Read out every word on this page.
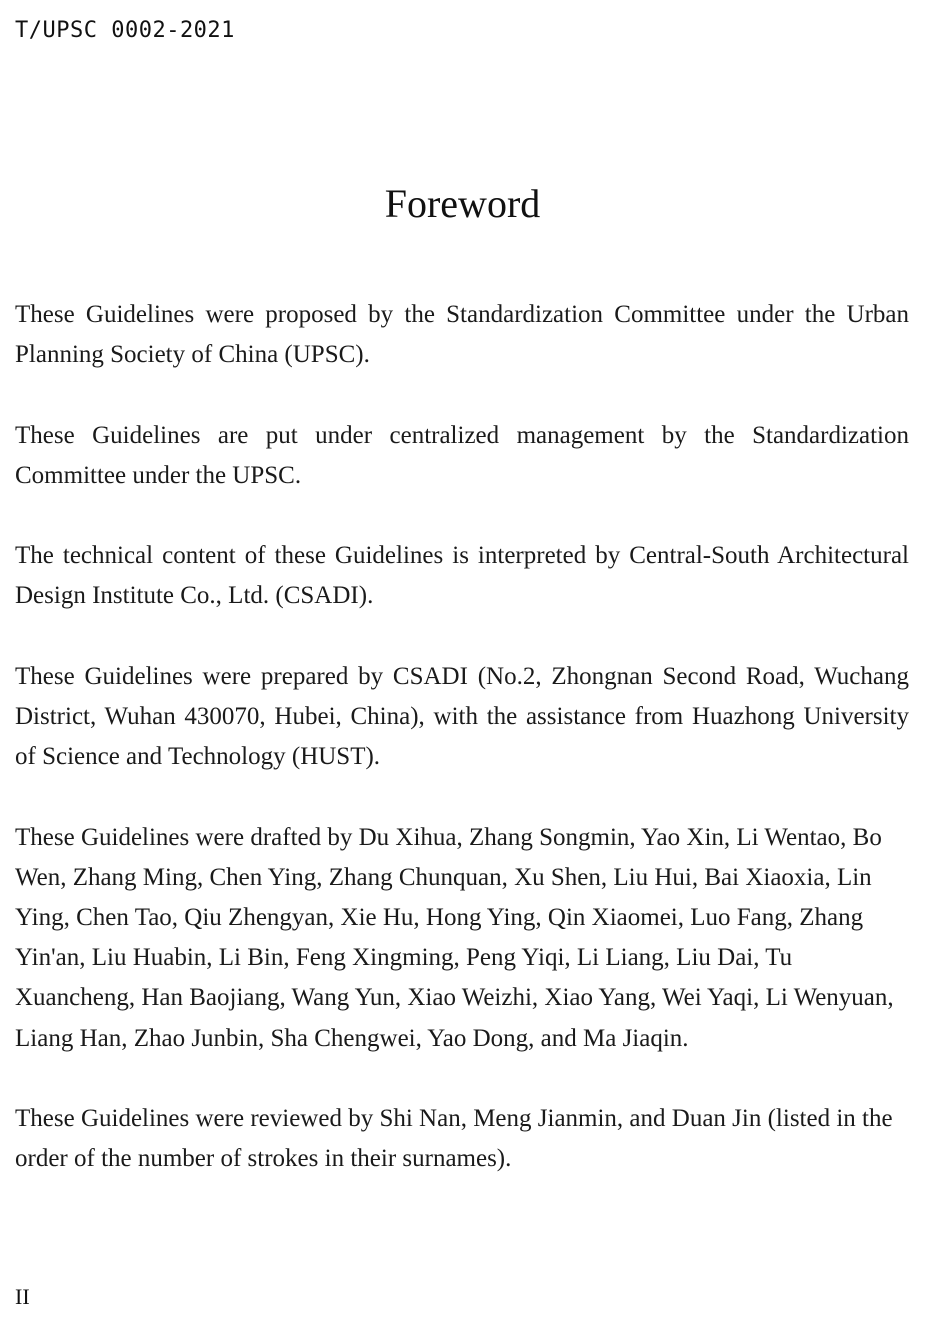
T/UPSC 0002-2021
Foreword

These Guidelines were proposed by the Standardization Committee under the Urban Planning Society of China (UPSC).

These Guidelines are put under centralized management by the Standardization Committee under the UPSC.

The technical content of these Guidelines is interpreted by Central-South Architectural Design Institute Co., Ltd. (CSADI).

These Guidelines were prepared by CSADI (No.2, Zhongnan Second Road, Wuchang District, Wuhan 430070, Hubei, China), with the assistance from Huazhong University of Science and Technology (HUST).

These Guidelines were drafted by Du Xihua, Zhang Songmin, Yao Xin, Li Wentao, Bo Wen, Zhang Ming, Chen Ying, Zhang Chunquan, Xu Shen, Liu Hui, Bai Xiaoxia, Lin Ying, Chen Tao, Qiu Zhengyan, Xie Hu, Hong Ying, Qin Xiaomei, Luo Fang, Zhang Yin'an, Liu Huabin, Li Bin, Feng Xingming, Peng Yiqi, Li Liang, Liu Dai, Tu Xuancheng, Han Baojiang, Wang Yun, Xiao Weizhi, Xiao Yang, Wei Yaqi, Li Wenyuan, Liang Han, Zhao Junbin, Sha Chengwei, Yao Dong, and Ma Jiaqin.

These Guidelines were reviewed by Shi Nan, Meng Jianmin, and Duan Jin (listed in the order of the number of strokes in their surnames).

II
